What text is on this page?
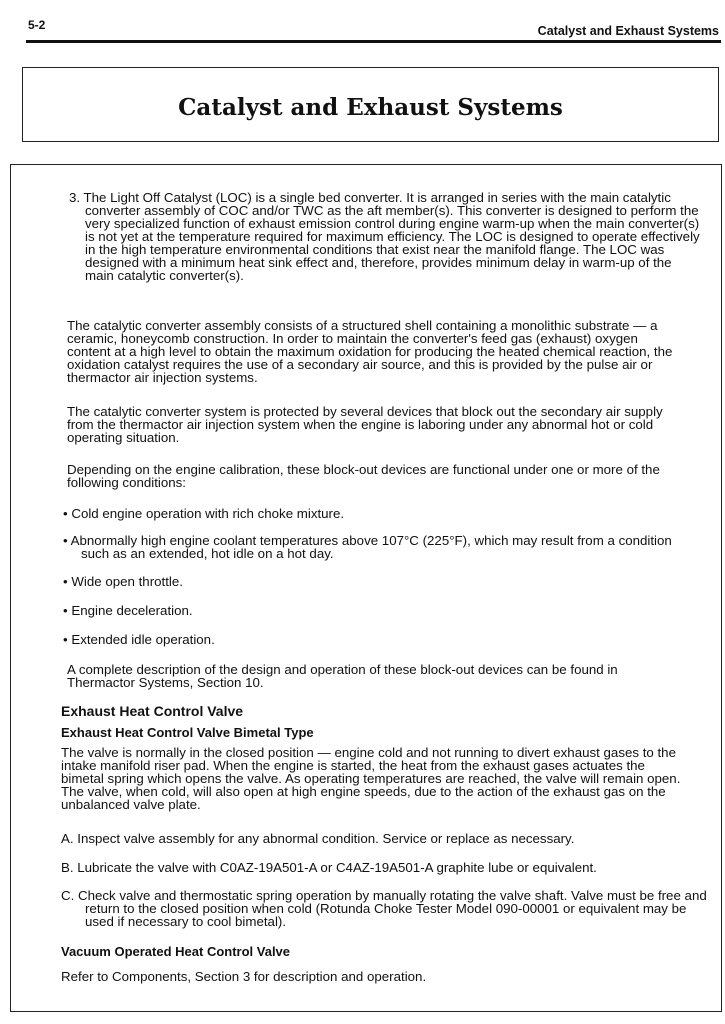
5-2	Catalyst and Exhaust Systems
Catalyst and Exhaust Systems

3. The Light Off Catalyst (LOC) is a single bed converter. It is arranged in series with the main catalytic converter assembly of COC and/or TWC as the aft member(s). This converter is designed to perform the very specialized function of exhaust emission control during engine warm-up when the main converter(s) is not yet at the temperature required for maximum efficiency. The LOC is designed to operate effectively in the high temperature environmental conditions that exist near the manifold flange. The LOC was designed with a minimum heat sink effect and, therefore, provides minimum delay in warm-up of the main catalytic converter(s).

The catalytic converter assembly consists of a structured shell containing a monolithic substrate — a ceramic, honeycomb construction. In order to maintain the converter's feed gas (exhaust) oxygen content at a high level to obtain the maximum oxidation for producing the heated chemical reaction, the oxidation catalyst requires the use of a secondary air source, and this is provided by the pulse air or thermactor air injection systems.

The catalytic converter system is protected by several devices that block out the secondary air supply from the thermactor air injection system when the engine is laboring under any abnormal hot or cold operating situation.

Depending on the engine calibration, these block-out devices are functional under one or more of the following conditions:

• Cold engine operation with rich choke mixture.

• Abnormally high engine coolant temperatures above 107°C (225°F), which may result from a condition such as an extended, hot idle on a hot day.

• Wide open throttle.

• Engine deceleration.

• Extended idle operation.

A complete description of the design and operation of these block-out devices can be found in Thermactor Systems, Section 10.

Exhaust Heat Control Valve

Exhaust Heat Control Valve Bimetal Type

The valve is normally in the closed position — engine cold and not running to divert exhaust gases to the intake manifold riser pad. When the engine is started, the heat from the exhaust gases actuates the bimetal spring which opens the valve. As operating temperatures are reached, the valve will remain open. The valve, when cold, will also open at high engine speeds, due to the action of the exhaust gas on the unbalanced valve plate.

A. Inspect valve assembly for any abnormal condition. Service or replace as necessary.

B. Lubricate the valve with C0AZ-19A501-A or C4AZ-19A501-A graphite lube or equivalent.

C. Check valve and thermostatic spring operation by manually rotating the valve shaft. Valve must be free and return to the closed position when cold (Rotunda Choke Tester Model 090-00001 or equivalent may be used if necessary to cool bimetal).

Vacuum Operated Heat Control Valve

Refer to Components, Section 3 for description and operation.
